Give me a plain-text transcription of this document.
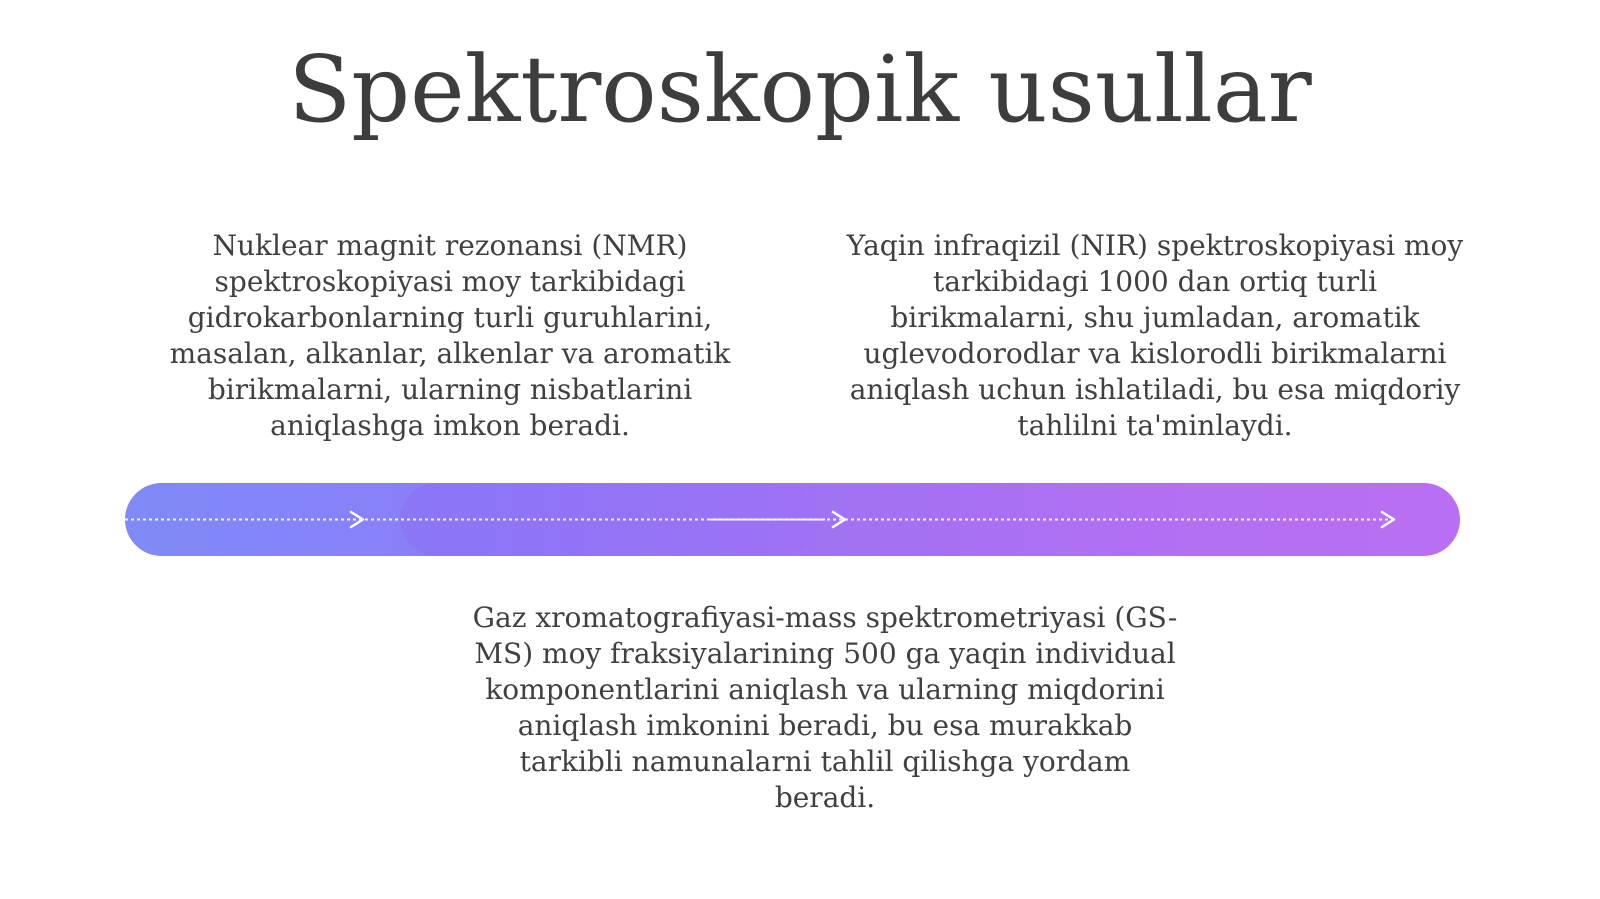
Spektroskopik usullar
Nuklear magnit rezonansi (NMR)
spektroskopiyasi moy tarkibidagi
gidrokarbonlarning turli guruhlarini,
masalan, alkanlar, alkenlar va aromatik
birikmalarni, ularning nisbatlarini
aniqlashga imkon beradi.
Yaqin infraqizil (NIR) spektroskopiyasi moy
tarkibidagi 1000 dan ortiq turli
birikmalarni, shu jumladan, aromatik
uglevodorodlar va kislorodli birikmalarni
aniqlash uchun ishlatiladi, bu esa miqdoriy
tahlilni ta'minlaydi.
Gaz xromatografiyasi-mass spektrometriyasi (GS-
MS) moy fraksiyalarining 500 ga yaqin individual
komponentlarini aniqlash va ularning miqdorini
aniqlash imkonini beradi, bu esa murakkab
tarkibli namunalarni tahlil qilishga yordam
beradi.
